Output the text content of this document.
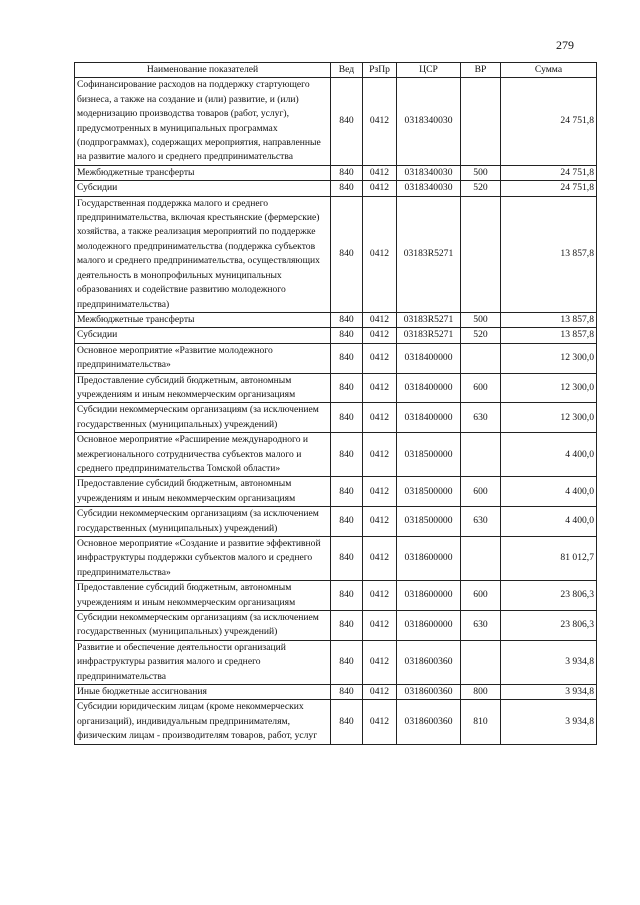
279
Наименование показателей	Вед	РзПр	ЦСР	ВР	Сумма
Софинансирование расходов на поддержку стартующего бизнеса, а также на создание и (или) развитие, и (или) модернизацию производства товаров (работ, услуг), предусмотренных в муниципальных программах (подпрограммах), содержащих мероприятия, направленные на развитие малого и среднего предпринимательства	840	0412	0318340030		24 751,8
Межбюджетные трансферты	840	0412	0318340030	500	24 751,8
Субсидии	840	0412	0318340030	520	24 751,8
Государственная поддержка малого и среднего предпринимательства, включая крестьянские (фермерские) хозяйства, а также реализация мероприятий по поддержке молодежного предпринимательства (поддержка субъектов малого и среднего предпринимательства, осуществляющих деятельность в монопрофильных муниципальных образованиях и содействие развитию молодежного предпринимательства)	840	0412	03183R5271		13 857,8
Межбюджетные трансферты	840	0412	03183R5271	500	13 857,8
Субсидии	840	0412	03183R5271	520	13 857,8
Основное мероприятие «Развитие молодежного предпринимательства»	840	0412	0318400000		12 300,0
Предоставление субсидий бюджетным, автономным учреждениям и иным некоммерческим организациям	840	0412	0318400000	600	12 300,0
Субсидии некоммерческим организациям (за исключением государственных (муниципальных) учреждений)	840	0412	0318400000	630	12 300,0
Основное мероприятие «Расширение международного и межрегионального сотрудничества субъектов малого и среднего предпринимательства Томской области»	840	0412	0318500000		4 400,0
Предоставление субсидий бюджетным, автономным учреждениям и иным некоммерческим организациям	840	0412	0318500000	600	4 400,0
Субсидии некоммерческим организациям (за исключением государственных (муниципальных) учреждений)	840	0412	0318500000	630	4 400,0
Основное мероприятие «Создание и развитие эффективной инфраструктуры поддержки субъектов малого и среднего предпринимательства»	840	0412	0318600000		81 012,7
Предоставление субсидий бюджетным, автономным учреждениям и иным некоммерческим организациям	840	0412	0318600000	600	23 806,3
Субсидии некоммерческим организациям (за исключением государственных (муниципальных) учреждений)	840	0412	0318600000	630	23 806,3
Развитие и обеспечение деятельности организаций инфраструктуры развития малого и среднего предпринимательства	840	0412	0318600360		3 934,8
Иные бюджетные ассигнования	840	0412	0318600360	800	3 934,8
Субсидии юридическим лицам (кроме некоммерческих организаций), индивидуальным предпринимателям, физическим лицам - производителям товаров, работ, услуг	840	0412	0318600360	810	3 934,8
